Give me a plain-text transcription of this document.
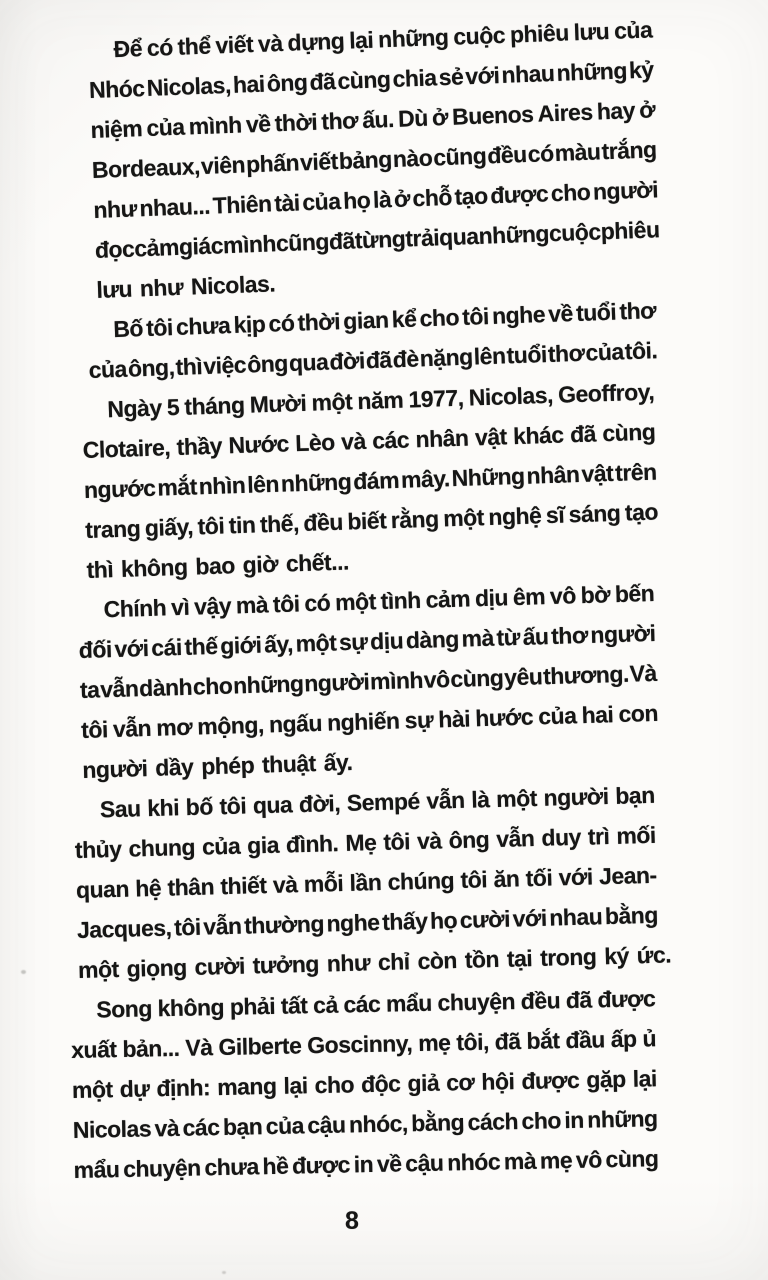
Để có thể viết và dựng lại những cuộc phiêu lưu của
Nhóc Nicolas, hai ông đã cùng chia sẻ với nhau những kỷ
niệm của mình về thời thơ ấu. Dù ở Buenos Aires hay ở
Bordeaux, viên phấn viết bảng nào cũng đều có màu trắng
như nhau... Thiên tài của họ là ở chỗ tạo được cho người
đọc cảm giác mình cũng đã từng trải qua những cuộc phiêu
lưu như Nicolas.
Bố tôi chưa kịp có thời gian kể cho tôi nghe về tuổi thơ
của ông, thì việc ông qua đời đã đè nặng lên tuổi thơ của tôi.
Ngày 5 tháng Mười một năm 1977, Nicolas, Geoffroy,
Clotaire, thầy Nước Lèo và các nhân vật khác đã cùng
ngước mắt nhìn lên những đám mây. Những nhân vật trên
trang giấy, tôi tin thế, đều biết rằng một nghệ sĩ sáng tạo
thì không bao giờ chết...
Chính vì vậy mà tôi có một tình cảm dịu êm vô bờ bến
đối với cái thế giới ấy, một sự dịu dàng mà từ ấu thơ người
ta vẫn dành cho những người mình vô cùng yêu thương. Và
tôi vẫn mơ mộng, ngấu nghiến sự hài hước của hai con
người dầy phép thuật ấy.
Sau khi bố tôi qua đời, Sempé vẫn là một người bạn
thủy chung của gia đình. Mẹ tôi và ông vẫn duy trì mối
quan hệ thân thiết và mỗi lần chúng tôi ăn tối với Jean-
Jacques, tôi vẫn thường nghe thấy họ cười với nhau bằng
một giọng cười tưởng như chỉ còn tồn tại trong ký ức.
Song không phải tất cả các mẩu chuyện đều đã được
xuất bản... Và Gilberte Goscinny, mẹ tôi, đã bắt đầu ấp ủ
một dự định: mang lại cho độc giả cơ hội được gặp lại
Nicolas và các bạn của cậu nhóc, bằng cách cho in những
mẩu chuyện chưa hề được in về cậu nhóc mà mẹ vô cùng
8
